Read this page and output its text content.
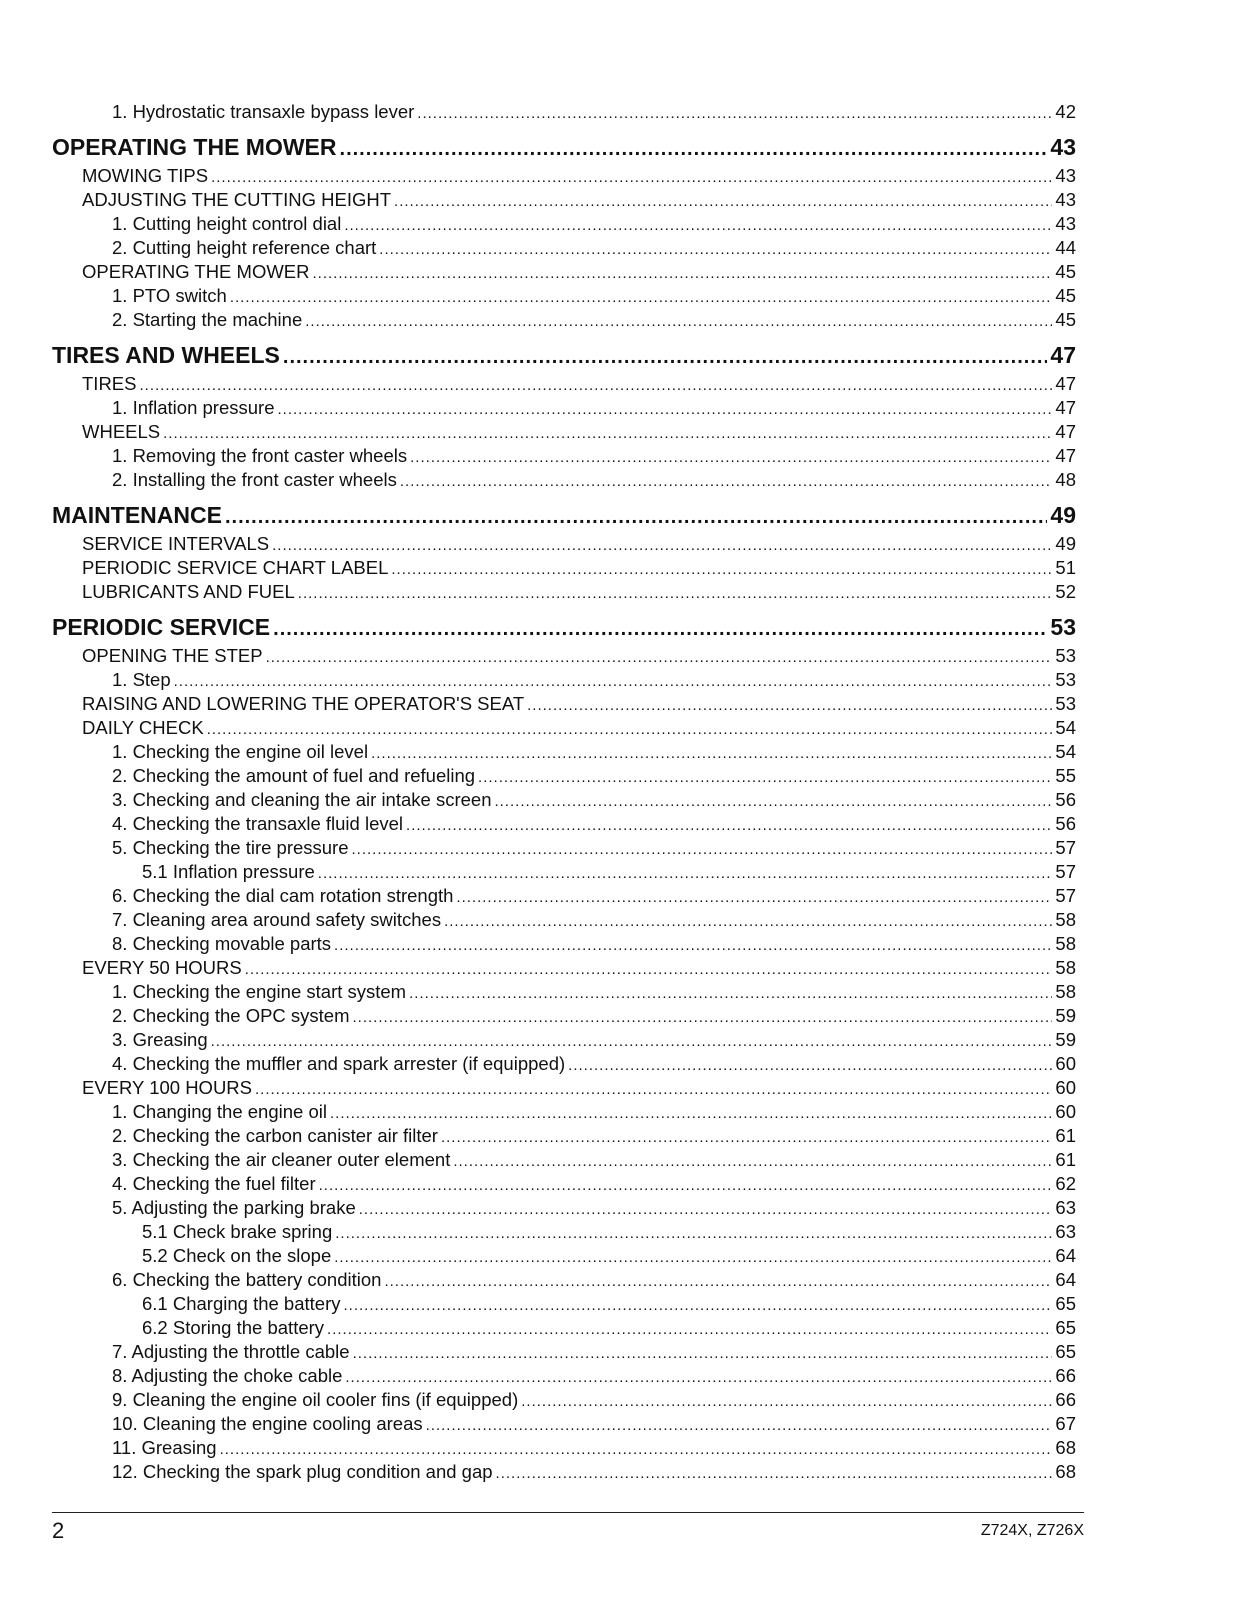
1. Hydrostatic transaxle bypass lever .....	42
OPERATING THE MOWER .....	43
MOWING TIPS .....	43
ADJUSTING THE CUTTING HEIGHT .....	43
1. Cutting height control dial .....	43
2. Cutting height reference chart .....	44
OPERATING THE MOWER .....	45
1. PTO switch .....	45
2. Starting the machine .....	45
TIRES AND WHEELS .....	47
TIRES .....	47
1. Inflation pressure .....	47
WHEELS .....	47
1. Removing the front caster wheels .....	47
2. Installing the front caster wheels .....	48
MAINTENANCE .....	49
SERVICE INTERVALS .....	49
PERIODIC SERVICE CHART LABEL .....	51
LUBRICANTS AND FUEL .....	52
PERIODIC SERVICE .....	53
OPENING THE STEP .....	53
1. Step .....	53
RAISING AND LOWERING THE OPERATOR'S SEAT .....	53
DAILY CHECK .....	54
1. Checking the engine oil level .....	54
2. Checking the amount of fuel and refueling .....	55
3. Checking and cleaning the air intake screen .....	56
4. Checking the transaxle fluid level .....	56
5. Checking the tire pressure .....	57
5.1 Inflation pressure .....	57
6. Checking the dial cam rotation strength .....	57
7. Cleaning area around safety switches .....	58
8. Checking movable parts .....	58
EVERY 50 HOURS .....	58
1. Checking the engine start system .....	58
2. Checking the OPC system .....	59
3. Greasing .....	59
4. Checking the muffler and spark arrester (if equipped) .....	60
EVERY 100 HOURS .....	60
1. Changing the engine oil .....	60
2. Checking the carbon canister air filter .....	61
3. Checking the air cleaner outer element .....	61
4. Checking the fuel filter .....	62
5. Adjusting the parking brake .....	63
5.1 Check brake spring .....	63
5.2 Check on the slope .....	64
6. Checking the battery condition .....	64
6.1 Charging the battery .....	65
6.2 Storing the battery .....	65
7. Adjusting the throttle cable .....	65
8. Adjusting the choke cable .....	66
9. Cleaning the engine oil cooler fins (if equipped) .....	66
10. Cleaning the engine cooling areas .....	67
11. Greasing .....	68
12. Checking the spark plug condition and gap .....	68
2	Z724X, Z726X
